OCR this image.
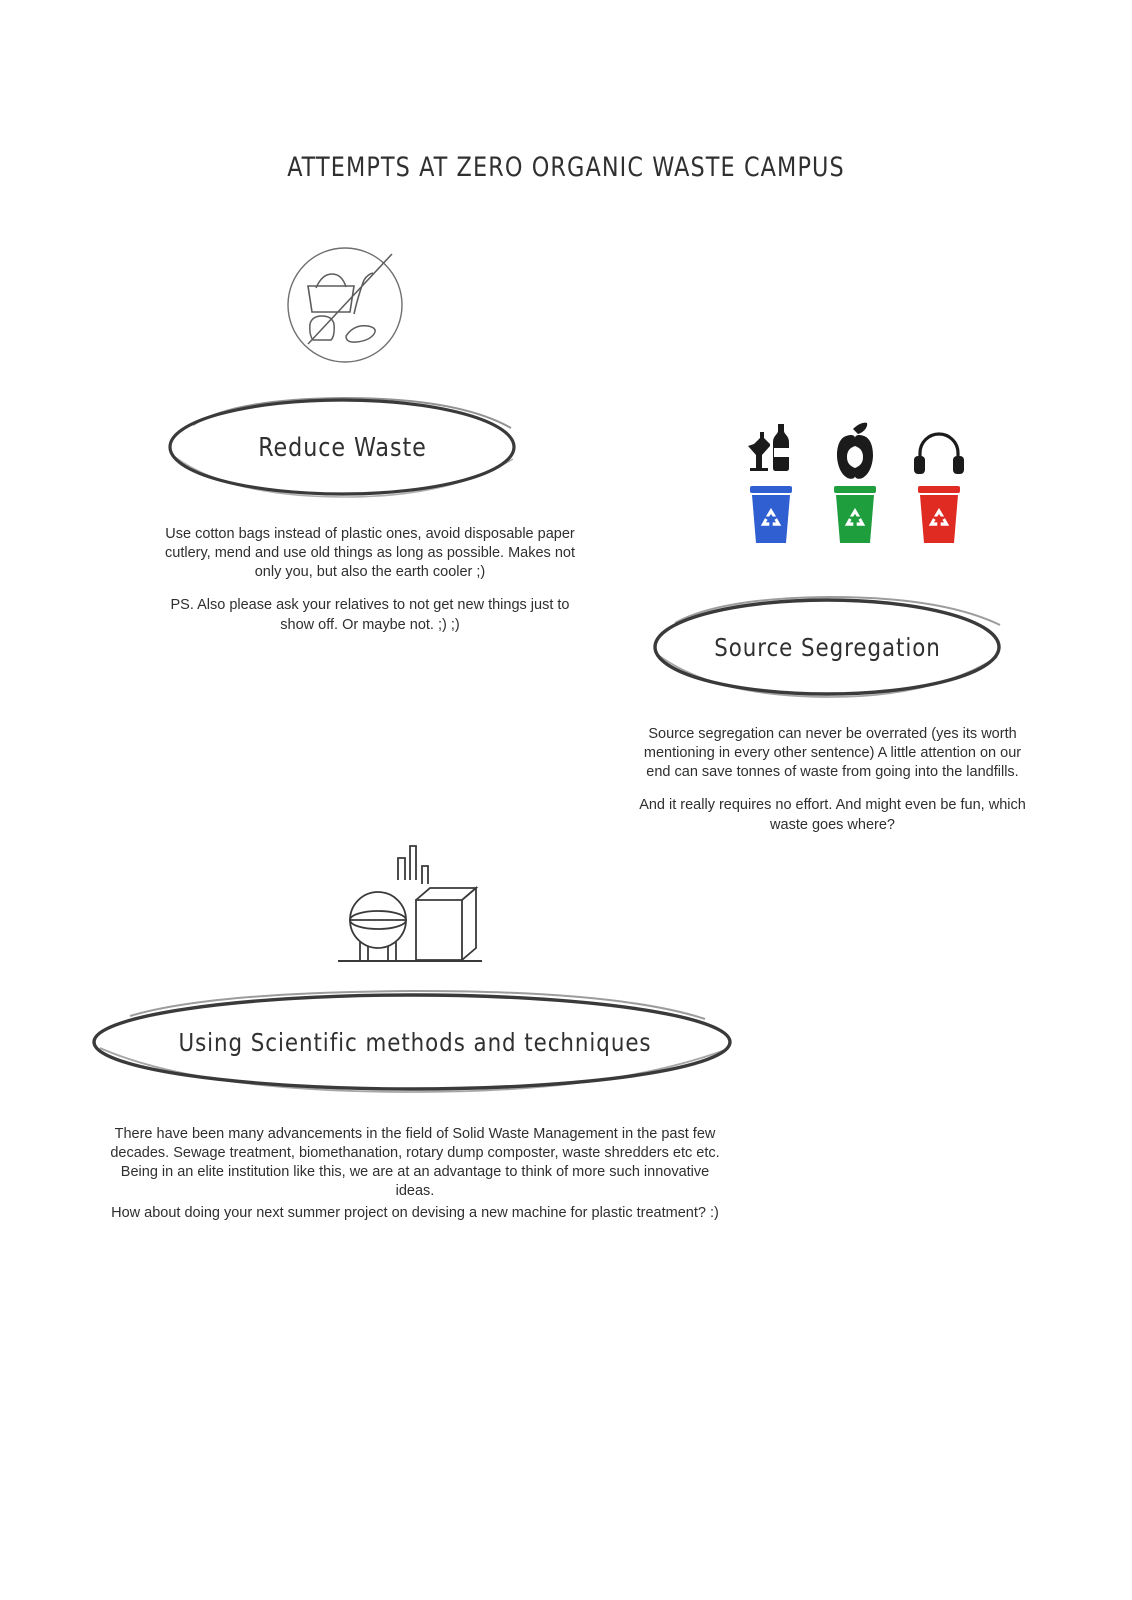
ATTEMPTS AT ZERO ORGANIC WASTE CAMPUS
Reduce Waste

Use cotton bags instead of plastic ones, avoid disposable paper cutlery, mend and use old things as long as possible. Makes not only you, but also the earth cooler ;)

PS. Also please ask your relatives to not get new things just to show off. Or maybe not. ;) ;)

Source Segregation

Source segregation can never be overrated (yes its worth mentioning in every other sentence) A little attention on our end can save tonnes of waste from going into the landfills.

And it really requires no effort. And might even be fun, which waste goes where?

Using Scientific methods and techniques

There have been many advancements in the field of Solid Waste Management in the past few decades. Sewage treatment, biomethanation, rotary dump composter, waste shredders etc etc. Being in an elite institution like this, we are at an advantage to think of more such innovative ideas.

How about doing your next summer project on devising a new machine for plastic treatment? :)
